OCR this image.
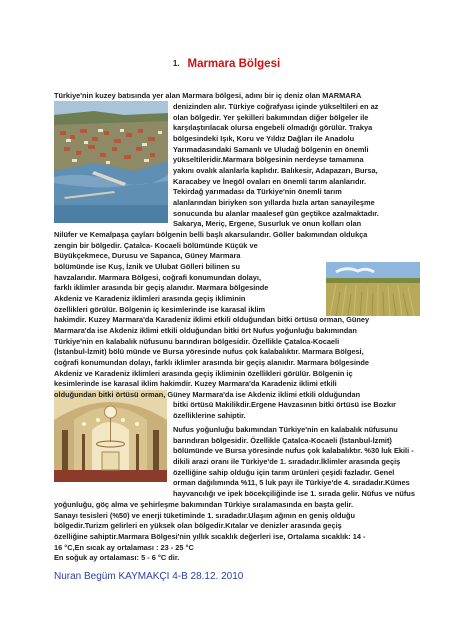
1. Marmara Bölgesi

Türkiye'nin kuzey batısında yer alan Marmara bölgesi, adını bir iç deniz olan MARMARA

denizinden alır. Türkiye coğrafyası içinde yükseltileri en az
olan bölgedir. Yer şekilleri bakımından diğer bölgeler ile
karşılaştırılacak olursa engebeli olmadığı görülür. Trakya
bölgesindeki Işık, Koru ve Yıldız Dağları ile Anadolu
Yarımadasındaki Samanlı ve Uludağ bölgenin en önemli
yükseltileridir.Marmara bölgesinin nerdeyse tamamına
yakını ovalık alanlarla kaplıdır. Balıkesir, Adapazarı, Bursa,
Karacabey ve İnegöl ovaları en önemli tarım alanlarıdır.
Tekirdağ yarımadası da Türkiye'nin önemli tarım
alanlarından biriyken son yıllarda hızla artan sanayileşme
sonucunda bu alanlar maalesef gün geçtikce azalmaktadır.
Sakarya, Meriç, Ergene, Susurluk ve onun kolları olan
Nilüfer ve Kemalpaşa çayları bölgenin belli başlı akarsularıdır. Göller bakımından oldukça
zengin bir bölgedir. Çatalca- Kocaeli bölümünde Küçük ve
Büyükçekmece, Durusu ve Sapanca, Güney Marmara
bölümünde ise Kuş, İznik ve Ulubat Gölleri bilinen su
havzalarıdır. Marmara Bölgesi, coğrafi konumundan dolayı,
farklı iklimler arasında bir geçiş alanıdır. Marmara bölgesinde
Akdeniz ve Karadeniz iklimleri arasında geçiş ikliminin
özellikleri görülür. Bölgenin iç kesimlerinde ise karasal iklim
hakimdir. Kuzey Marmara'da Karadeniz iklimi etkili olduğundan bitki örtüsü orman, Güney
Marmara'da ise Akdeniz iklimi etkili olduğundan bitki ört Nufus yoğunluğu bakımından
Türkiye'nin en kalabalık nüfusunu barındıran bölgesidir. Özellikle Çatalca-Kocaeli
(İstanbul-İzmit) bölü münde ve Bursa yöresinde nufus çok kalabalıktır. Marmara Bölgesi,
coğrafi konumundan dolayı, farklı iklimler arasında bir geçiş alanıdır. Marmara bölgesinde
Akdeniz ve Karadeniz iklimleri arasında geçiş ikliminin özellikleri görülür. Bölgenin iç
kesimlerinde ise karasal iklim hakimdir. Kuzey Marmara'da Karadeniz iklimi etkili
olduğundan bitki örtüsü orman, Güney Marmara'da ise Akdeniz iklimi etkili olduğundan
bitki örtüsü Makilikdir.Ergene Havzasının bitki örtüsü ise Bozkır
özelliklerine sahiptir.
Nufus yoğunluğu bakımından Türkiye'nin en kalabalık nüfusunu
barındıran bölgesidir. Özellikle Çatalca-Kocaeli (İstanbul-İzmit)
bölümünde ve Bursa yöresinde nufus çok kalabalıktır. %30 luk Ekili -
dikili arazi oranı ile Türkiye'de 1. sıradadır.İklimler arasında geçiş
özelliğine sahip olduğu için tarım ürünleri çeşidi fazladır. Genel
orman dağılımında %11, 5 luk payı ile Türkiye'de 4. sıradadır.Kümes
hayvancılığı ve ipek böcekçiliğinde ise 1. sırada gelir. Nüfus ve nüfus
yoğunluğu, göç alma ve şehirleşme bakımından Türkiye sıralamasında en başta gelir.
Sanayı tesisleri (%50) ve enerji tüketiminde 1. sıradadır.Ulaşım ağının en geniş olduğu
bölgedir.Turizm gelirleri en yüksek olan bölgedir.Kıtalar ve denizler arasında geçiş
özelliğine sahiptir.Marmara Bölgesi'nin yıllık sıcaklık değerleri ise, Ortalama sıcaklık: 14 -
16 °C,En sıcak ay ortalaması : 23 - 25 °C
En soğuk ay ortalaması: 5 - 6 °C dir.
Nuran Begüm KAYMAKÇI 4-B 28.12. 2010
